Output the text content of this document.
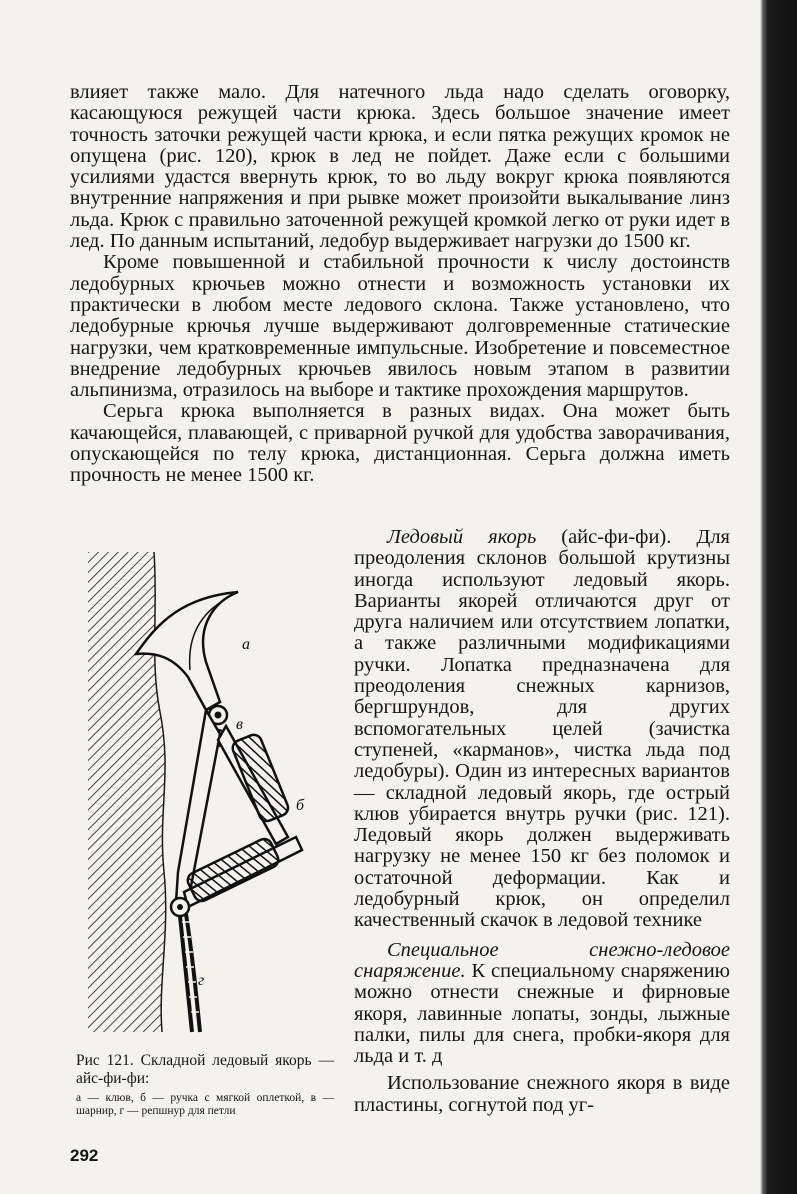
влияет также мало. Для натечного льда надо сделать оговорку, касающуюся режущей части крюка. Здесь большое значение имеет точность заточки режущей части крюка, и если пятка режущих кромок не опущена (рис. 120), крюк в лед не пойдет. Даже если с большими усилиями удастся ввернуть крюк, то во льду вокруг крюка появляются внутренние напряжения и при рывке может произойти выкалывание линз льда. Крюк с правильно заточенной режущей кромкой легко от руки идет в лед. По данным испытаний, ледобур выдерживает нагрузки до 1500 кг.

Кроме повышенной и стабильной прочности к числу достоинств ледобурных крючьев можно отнести и возможность установки их практически в любом месте ледового склона. Также установлено, что ледобурные крючья лучше выдерживают долговременные статические нагрузки, чем кратковременные импульсные. Изобретение и повсеместное внедрение ледобурных крючьев явилось новым этапом в развитии альпинизма, отразилось на выборе и тактике прохождения маршрутов.

Серьга крюка выполняется в разных видах. Она может быть качающейся, плавающей, с приварной ручкой для удобства заворачивания, опускающейся по телу крюка, дистанционная. Серьга должна иметь прочность не менее 1500 кг.

а
в
б
г

Рис 121. Складной ледовый якорь — айс-фи-фи:

а — клюв, б — ручка с мягкой оплеткой, в — шарнир, г — репшнур для петли

Ледовый якорь (айс-фи-фи). Для преодоления склонов большой крутизны иногда используют ледовый якорь. Варианты якорей отличаются друг от друга наличием или отсутствием лопатки, а также различными модификациями ручки. Лопатка предназначена для преодоления снежных карнизов, бергшрундов, для других вспомогательных целей (зачистка ступеней, «карманов», чистка льда под ледобуры). Один из интересных вариантов — складной ледовый якорь, где острый клюв убирается внутрь ручки (рис. 121). Ледовый якорь должен выдерживать нагрузку не менее 150 кг без поломок и остаточной деформации. Как и ледобурный крюк, он определил качественный скачок в ледовой технике

Специальное снежно-ледовое снаряжение. К специальному снаряжению можно отнести снежные и фирновые якоря, лавинные лопаты, зонды, лыжные палки, пилы для снега, пробки-якоря для льда и т. д

Использование снежного якоря в виде пластины, согнутой под уг-

292
